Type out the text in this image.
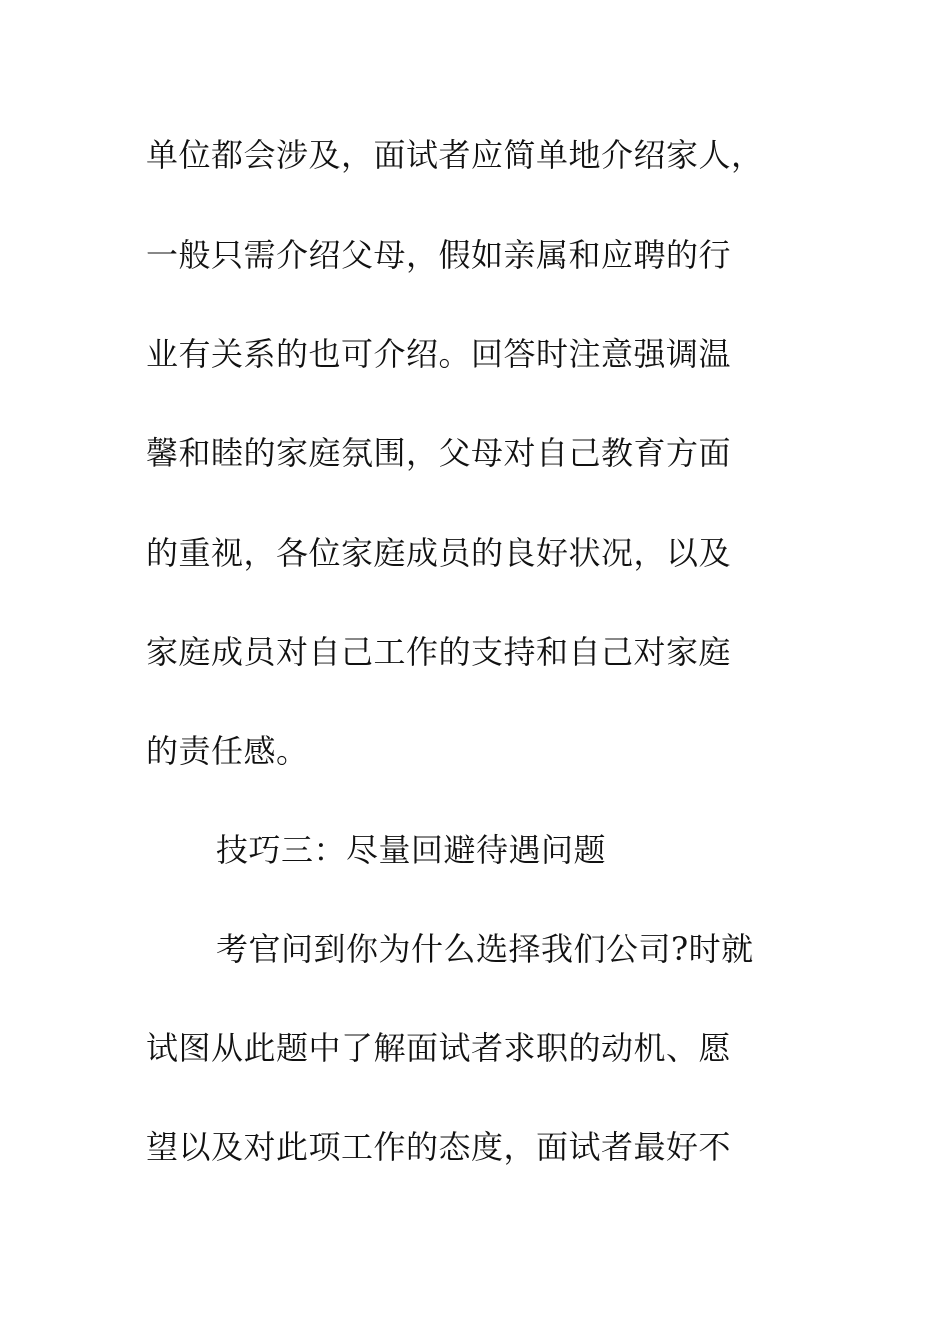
单位都会涉及，面试者应简单地介绍家人，
一般只需介绍父母，假如亲属和应聘的行
业有关系的也可介绍。回答时注意强调温
馨和睦的家庭氛围，父母对自己教育方面
的重视，各位家庭成员的良好状况，以及
家庭成员对自己工作的支持和自己对家庭
的责任感。
技巧三：尽量回避待遇问题
考官问到你为什么选择我们公司?时就
试图从此题中了解面试者求职的动机、愿
望以及对此项工作的态度，面试者最好不
